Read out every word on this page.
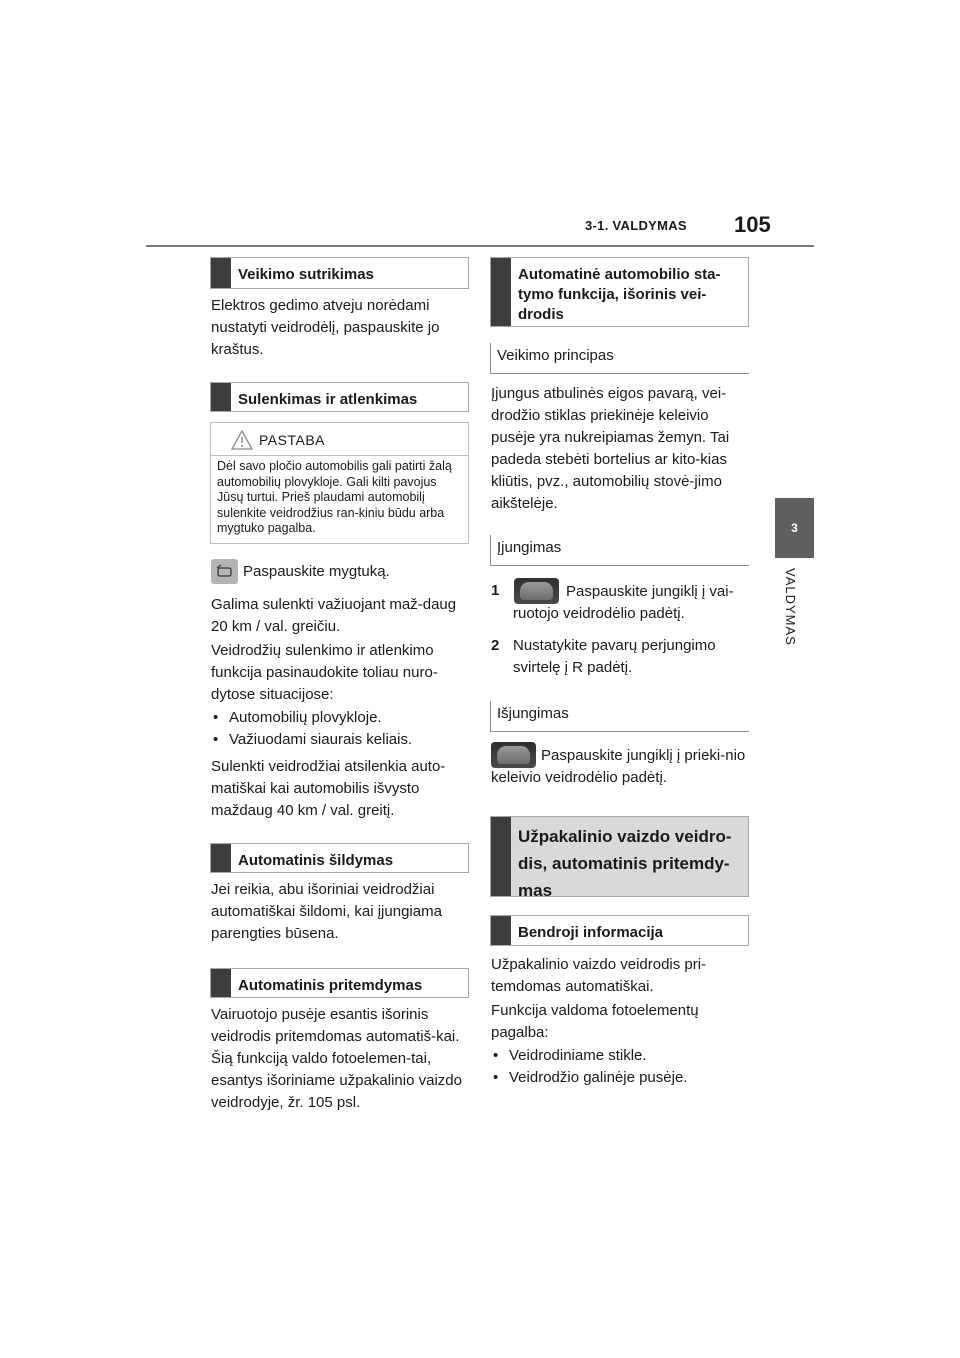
3-1. VALDYMAS 105
3
VALDYMAS
Veikimo sutrikimas

Elektros gedimo atveju norėdami nustatyti veidrodėlį, paspauskite jo kraštus.

Sulenkimas ir atlenkimas
PASTABA
Dėl savo pločio automobilis gali patirti žalą automobilių plovykloje. Gali kilti pavojus Jūsų turtui. Prieš plaudami automobilį sulenkite veidrodžius ran-kiniu būdu arba mygtuko pagalba.
Paspauskite mygtuką.
Galima sulenkti važiuojant maž-daug 20 km / val. greičiu.
Veidrodžių sulenkimo ir atlenkimo funkcija pasinaudokite toliau nuro-dytose situacijose:
• Automobilių plovykloje.
• Važiuodami siaurais keliais.
Sulenkti veidrodžiai atsilenkia auto-matiškai kai automobilis išvysto maždaug 40 km / val. greitį.
Automatinis šildymas
Jei reikia, abu išoriniai veidrodžiai automatiškai šildomi, kai įjungiama parengties būsena.
Automatinis pritemdymas
Vairuotojo pusėje esantis išorinis veidrodis pritemdomas automatiš-kai. Šią funkciją valdo fotoelemen-tai, esantys išoriniame užpakalinio vaizdo veidrodyje, žr. 105 psl.
Automatinė automobilio sta-tymo funkcija, išorinis vei-drodis
Veikimo principas
Įjungus atbulinės eigos pavarą, vei-drodžio stiklas priekinėje keleivio pusėje yra nukreipiamas žemyn. Tai padeda stebėti bortelius ar kito-kias kliūtis, pvz., automobilių stovė-jimo aikštelėje.
Įjungimas
1	Paspauskite jungiklį į vai-ruotojo veidrodėlio padėtį.
2 Nustatykite pavarų perjungimo svirtelę į R padėtį.
Išjungimas
Paspauskite jungiklį į prieki-nio keleivio veidrodėlio padėtį.
Užpakalinio vaizdo veidro-dis, automatinis pritemdy-mas
Bendroji informacija
Užpakalinio vaizdo veidrodis pri-temdomas automatiškai.
Funkcija valdoma fotoelementų pagalba:
• Veidrodiniame stikle.
• Veidrodžio galinėje pusėje.
